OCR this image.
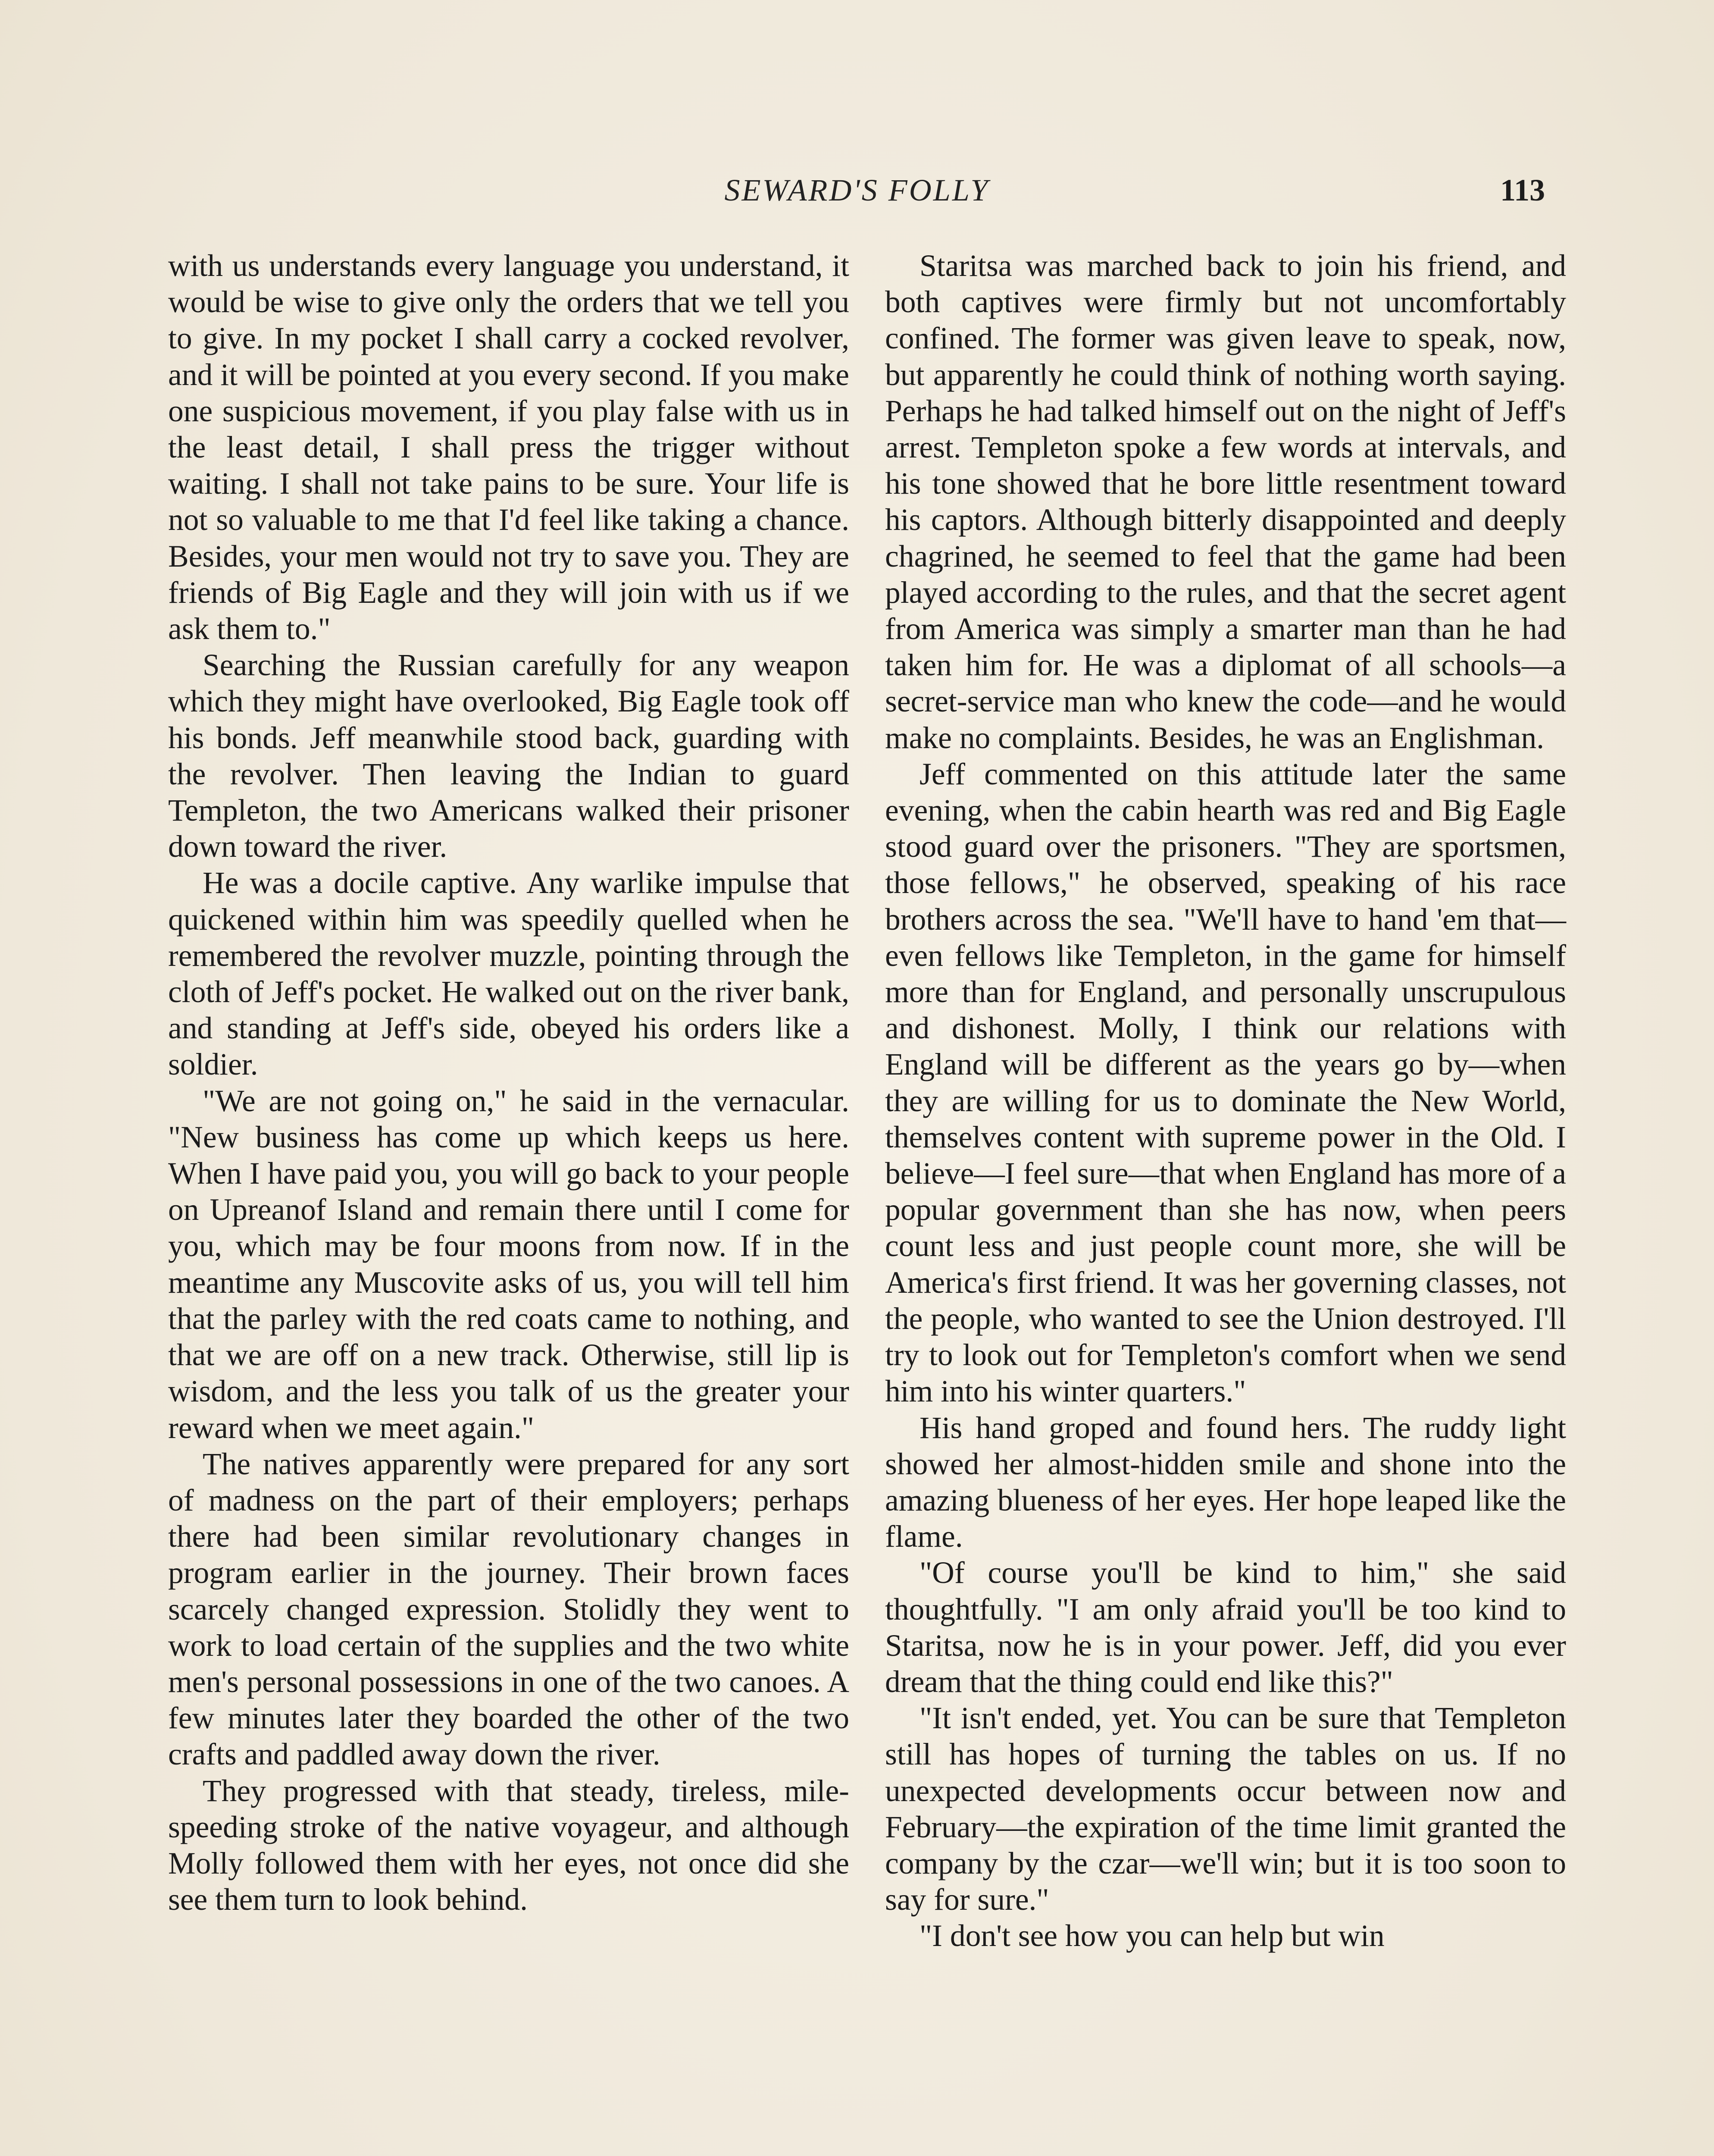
SEWARD'S FOLLY	113

with us understands every language you understand, it would be wise to give only the orders that we tell you to give. In my pocket I shall carry a cocked revolver, and it will be pointed at you every second. If you make one suspicious movement, if you play false with us in the least detail, I shall press the trigger without waiting. I shall not take pains to be sure. Your life is not so valuable to me that I'd feel like taking a chance. Besides, your men would not try to save you. They are friends of Big Eagle and they will join with us if we ask them to."

Searching the Russian carefully for any weapon which they might have overlooked, Big Eagle took off his bonds. Jeff meanwhile stood back, guarding with the revolver. Then leaving the Indian to guard Templeton, the two Americans walked their prisoner down toward the river.

He was a docile captive. Any warlike impulse that quickened within him was speedily quelled when he remembered the revolver muzzle, pointing through the cloth of Jeff's pocket. He walked out on the river bank, and standing at Jeff's side, obeyed his orders like a soldier.

"We are not going on," he said in the vernacular. "New business has come up which keeps us here. When I have paid you, you will go back to your people on Upreanof Island and remain there until I come for you, which may be four moons from now. If in the meantime any Muscovite asks of us, you will tell him that the parley with the red coats came to nothing, and that we are off on a new track. Otherwise, still lip is wisdom, and the less you talk of us the greater your reward when we meet again."

The natives apparently were prepared for any sort of madness on the part of their employers; perhaps there had been similar revolutionary changes in program earlier in the journey. Their brown faces scarcely changed expression. Stolidly they went to work to load certain of the supplies and the two white men's personal possessions in one of the two canoes. A few minutes later they boarded the other of the two crafts and paddled away down the river.

They progressed with that steady, tireless, mile-speeding stroke of the native voyageur, and although Molly followed them with her eyes, not once did she see them turn to look behind.

Staritsa was marched back to join his friend, and both captives were firmly but not uncomfortably confined. The former was given leave to speak, now, but apparently he could think of nothing worth saying. Perhaps he had talked himself out on the night of Jeff's arrest. Templeton spoke a few words at intervals, and his tone showed that he bore little resentment toward his captors. Although bitterly disappointed and deeply chagrined, he seemed to feel that the game had been played according to the rules, and that the secret agent from America was simply a smarter man than he had taken him for. He was a diplomat of all schools—a secret-service man who knew the code—and he would make no complaints. Besides, he was an Englishman.

Jeff commented on this attitude later the same evening, when the cabin hearth was red and Big Eagle stood guard over the prisoners. "They are sportsmen, those fellows," he observed, speaking of his race brothers across the sea. "We'll have to hand 'em that—even fellows like Templeton, in the game for himself more than for England, and personally unscrupulous and dishonest. Molly, I think our relations with England will be different as the years go by—when they are willing for us to dominate the New World, themselves content with supreme power in the Old. I believe—I feel sure—that when England has more of a popular government than she has now, when peers count less and just people count more, she will be America's first friend. It was her governing classes, not the people, who wanted to see the Union destroyed. I'll try to look out for Templeton's comfort when we send him into his winter quarters."

His hand groped and found hers. The ruddy light showed her almost-hidden smile and shone into the amazing blueness of her eyes. Her hope leaped like the flame.

"Of course you'll be kind to him," she said thoughtfully. "I am only afraid you'll be too kind to Staritsa, now he is in your power. Jeff, did you ever dream that the thing could end like this?"

"It isn't ended, yet. You can be sure that Templeton still has hopes of turning the tables on us. If no unexpected developments occur between now and February—the expiration of the time limit granted the company by the czar—we'll win; but it is too soon to say for sure."

"I don't see how you can help but win
